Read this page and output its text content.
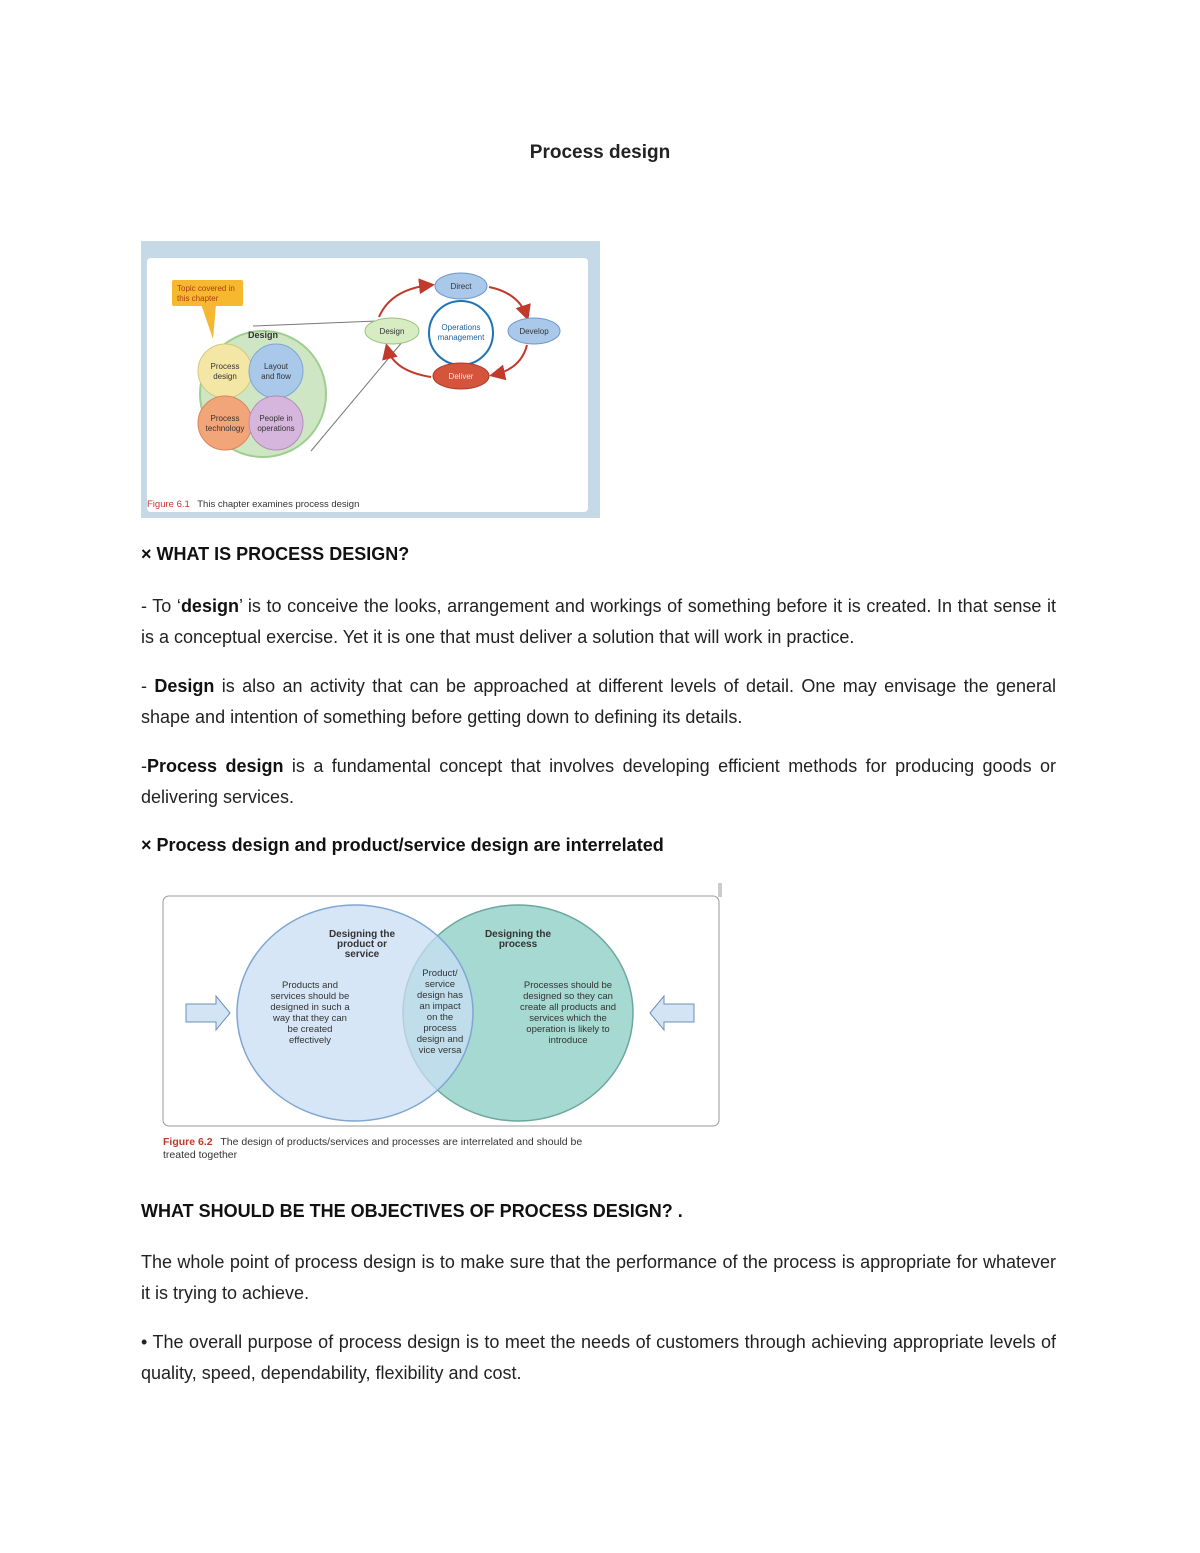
Process design
Topic covered in
this chapter
Design
Process
design
Layout
and flow
Process
technology
People in
operations
Operations
management
Direct
Design	Develop
Deliver
Figure 6.1 This chapter examines process design
× WHAT IS PROCESS DESIGN?
- To ‘design’ is to conceive the looks, arrangement and workings of something before it is created. In that sense it is a conceptual exercise. Yet it is one that must deliver a solution that will work in practice.
- Design is also an activity that can be approached at different levels of detail. One may envisage the general shape and intention of something before getting down to defining its details.
-Process design is a fundamental concept that involves developing efficient methods for producing goods or delivering services.
× Process design and product/service design are interrelated
Designing the
product or
service
Products and
services should be
designed in such a
way that they can
be created
effectively
Designing the
process
Processes should be
designed so they can
create all products and
services which the
operation is likely to
introduce
Product/
service
design has
an impact
on the
process
design and
vice versa
Figure 6.2 The design of products/services and processes are interrelated and should be
treated together
WHAT SHOULD BE THE OBJECTIVES OF PROCESS DESIGN? .
The whole point of process design is to make sure that the performance of the process is appropriate for whatever it is trying to achieve.
• The overall purpose of process design is to meet the needs of customers through achieving appropriate levels of quality, speed, dependability, flexibility and cost.
